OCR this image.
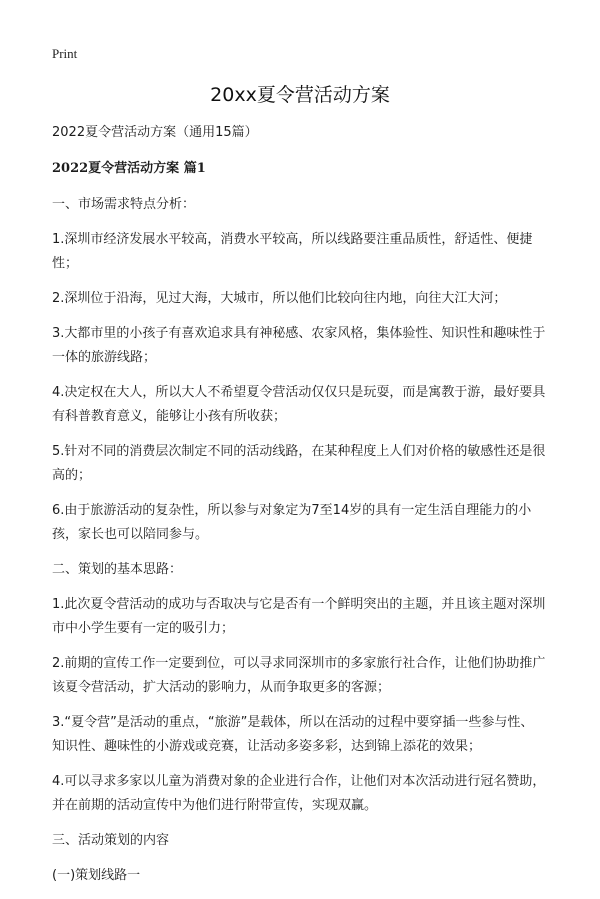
Print
20xx夏令营活动方案
2022夏令营活动方案（通用15篇）
2022夏令营活动方案 篇1
一、市场需求特点分析：
1.深圳市经济发展水平较高，消费水平较高，所以线路要注重品质性，舒适性、便捷性；
2.深圳位于沿海，见过大海，大城市，所以他们比较向往内地，向往大江大河；
3.大都市里的小孩子有喜欢追求具有神秘感、农家风格，集体验性、知识性和趣味性于一体的旅游线路；
4.决定权在大人，所以大人不希望夏令营活动仅仅只是玩耍，而是寓教于游，最好要具有科普教育意义，能够让小孩有所收获；
5.针对不同的消费层次制定不同的活动线路，在某种程度上人们对价格的敏感性还是很高的；
6.由于旅游活动的复杂性，所以参与对象定为7至14岁的具有一定生活自理能力的小孩，家长也可以陪同参与。
二、策划的基本思路：
1.此次夏令营活动的成功与否取决与它是否有一个鲜明突出的主题，并且该主题对深圳市中小学生要有一定的吸引力；
2.前期的宣传工作一定要到位，可以寻求同深圳市的多家旅行社合作，让他们协助推广该夏令营活动，扩大活动的影响力，从而争取更多的客源；
3.“夏令营”是活动的重点，“旅游”是载体，所以在活动的过程中要穿插一些参与性、知识性、趣味性的小游戏或竞赛，让活动多姿多彩，达到锦上添花的效果；
4.可以寻求多家以儿童为消费对象的企业进行合作，让他们对本次活动进行冠名赞助，并在前期的活动宣传中为他们进行附带宣传，实现双赢。
三、活动策划的内容
(一)策划线路一
